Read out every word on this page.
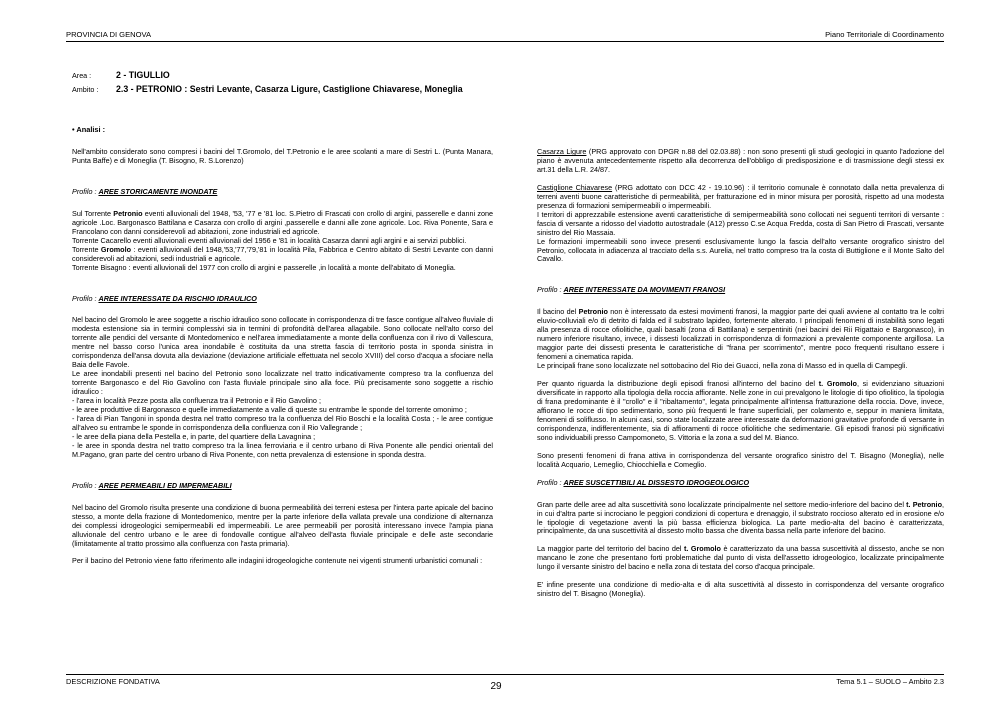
PROVINCIA DI GENOVA	Piano Territoriale di Coordinamento
Area :	2 - TIGULLIO
Ambito :	2.3 - PETRONIO : Sestri Levante, Casarza Ligure, Castiglione Chiavarese, Moneglia
• Analisi :

Nell'ambito considerato sono compresi i bacini del T.Gromolo, del T.Petronio e le aree scolanti a mare di Sestri L. (Punta Manara, Punta Baffe) e di Moneglia (T. Bisogno, R. S.Lorenzo)

Profilo : AREE STORICAMENTE INONDATE

Sul Torrente Petronio eventi alluvionali del 1948, '53, '77 e '81 loc. S.Pietro di Frascati con crollo di argini, passerelle e danni zone agricole .Loc. Bargonasco Battilana e Casarza con crollo di argini ,passerelle e danni alle zone agricole. Loc. Riva Ponente, Sara e Francolano con danni considerevoli ad abitazioni, zone industriali ed agricole.

Torrente Cacarello eventi alluvionali eventi alluvionali del 1956 e '81 in località Casarza danni agli argini e ai servizi pubblici.

Torrente Gromolo : eventi alluvionali del 1948,'53,'77,'79,'81 in località Pila, Fabbrica e Centro abitato di Sestri Levante con danni considerevoli ad abitazioni, sedi industriali e agricole.

Torrente Bisagno : eventi alluvionali del 1977 con crollo di argini e passerelle ,in località a monte dell'abitato di Moneglia.

Profilo : AREE INTERESSATE DA RISCHIO IDRAULICO

Nel bacino del Gromolo le aree soggette a rischio idraulico sono collocate in corrispondenza di tre fasce contigue all'alveo fluviale di modesta estensione sia in termini complessivi sia in termini di profondità dell'area allagabile. Sono collocate nell'alto corso del torrente alle pendici del versante di Montedomenico e nell'area immediatamente a monte della confluenza con il rivo di Vallescura, mentre nel basso corso l'unica area inondabile è costituita da una stretta fascia di territorio posta in sponda sinistra in corrispondenza dell'ansa dovuta alla deviazione (deviazione artificiale effettuata nel secolo XVIII) del corso d'acqua a sfociare nella Baia delle Favole.

Le aree inondabili presenti nel bacino del Petronio sono localizzate nel tratto indicativamente compreso tra la confluenza del torrente Bargonasco e del Rio Gavolino con l'asta fluviale principale sino alla foce. Più precisamente sono soggette a rischio idraulico :

- l'area in località Pezze posta alla confluenza tra il Petronio e il Rio Gavolino ;

- le aree produttive di Bargonasco e quelle immediatamente a valle di queste su entrambe le sponde del torrente omonimo ;

- l'area di Pian Tangoni in sponda destra nel tratto compreso tra la confluenza del Rio Boschi e la località Costa ; - le aree contigue all'alveo su entrambe le sponde in corrispondenza della confluenza con il Rio Vallegrande ;

- le aree della piana della Pestella e, in parte, del quartiere della Lavagnina ;

- le aree in sponda destra nel tratto compreso tra la linea ferroviaria e il centro urbano di Riva Ponente alle pendici orientali del M.Pagano, gran parte del centro urbano di Riva Ponente, con netta prevalenza di estensione in sponda destra.

Profilo : AREE PERMEABILI ED IMPERMEABILI

Nel bacino del Gromolo risulta presente una condizione di buona permeabilità dei terreni estesa per l'intera parte apicale del bacino stesso, a monte della frazione di Montedomenico, mentre per la parte inferiore della vallata prevale una condizione di alternanza dei complessi idrogeologici semipermeabili ed impermeabili. Le aree permeabili per porosità interessano invece l'ampia piana alluvionale del centro urbano e le aree di fondovalle contigue all'alveo dell'asta fluviale principale e delle aste secondarie (limitatamente al tratto prossimo alla confluenza con l'asta primaria).

Per il bacino del Petronio viene fatto riferimento alle indagini idrogeologiche contenute nei vigenti strumenti urbanistici comunali :

Casarza Ligure (PRG approvato con DPGR n.88 del 02.03.88) : non sono presenti gli studi geologici in quanto l'adozione del piano è avvenuta antecedentemente rispetto alla decorrenza dell'obbligo di predisposizione e di trasmissione degli stessi ex art.31 della L.R. 24/87.

Castiglione Chiavarese (PRG adottato con DCC 42 - 19.10.96) : il territorio comunale è connotato dalla netta prevalenza di terreni aventi buone caratteristiche di permeabilità, per fratturazione ed in minor misura per porosità, rispetto ad una modesta presenza di formazioni semipermeabili o impermeabili.

I territori di apprezzabile estensione aventi caratteristiche di semipermeabilità sono collocati nei seguenti territori di versante : fascia di versante a ridosso del viadotto autostradale (A12) presso C.se Acqua Fredda, costa di San Pietro di Frascati, versante sinistro del Rio Massaia.

Le formazioni impermeabili sono invece presenti esclusivamente lungo la fascia dell'alto versante orografico sinistro del Petronio, collocata in adiacenza al tracciato della s.s. Aurelia, nel tratto compreso tra la costa di Buttiglione e il Monte Salto del Cavallo.

Profilo : AREE INTERESSATE DA MOVIMENTI FRANOSI

Il bacino del Petronio non è interessato da estesi movimenti franosi, la maggior parte dei quali avviene al contatto tra le coltri eluvio-colluviali e/o di detrito di falda ed il substrato lapideo, fortemente alterato. I principali fenomeni di instabilità sono legati alla presenza di rocce ofiolitiche, quali basalti (zona di Battilana) e serpentiniti (nei bacini dei Rii Rigattaio e Bargonasco), in numero inferiore risultano, invece, i dissesti localizzati in corrispondenza di formazioni a prevalente componente argillosa. La maggior parte dei dissesti presenta le caratteristiche di "frana per scorrimento", mentre poco frequenti risultano essere i fenomeni a cinematica rapida.

Le principali frane sono localizzate nel sottobacino del Rio dei Guacci, nella zona di Masso ed in quella di Campegli.

Per quanto riguarda la distribuzione degli episodi franosi all'interno del bacino del t. Gromolo, si evidenziano situazioni diversificate in rapporto alla tipologia della roccia affiorante. Nelle zone in cui prevalgono le litologie di tipo ofiolitico, la tipologia di frana predominante è il "crollo" e il "ribaltamento", legata principalmente all'intensa fratturazione della roccia. Dove, invece, affiorano le rocce di tipo sedimentario, sono più frequenti le frane superficiali, per colamento e, seppur in maniera limitata, fenomeni di soliflusso. In alcuni casi, sono state localizzate aree interessate da deformazioni gravitative profonde di versante in corrispondenza, indifferentemente, sia di affioramenti di rocce ofiolitiche che sedimentarie. Gli episodi franosi più significativi sono individuabili presso Campomoneto, S. Vittoria e la zona a sud del M. Bianco.

Sono presenti fenomeni di frana attiva in corrispondenza del versante orografico sinistro del T. Bisagno (Moneglia), nelle località Acquario, Lemeglio, Chiocchiella e Comeglio.

Profilo : AREE SUSCETTIBILI AL DISSESTO IDROGEOLOGICO

Gran parte delle aree ad alta suscettività sono localizzate principalmente nel settore medio-inferiore del bacino del t. Petronio, in cui d'altra parte si incrociano le peggiori condizioni di copertura e drenaggio, il substrato roccioso alterato ed in erosione e/o le tipologie di vegetazione aventi la più bassa efficienza biologica. La parte medio-alta del bacino è caratterizzata, principalmente, da una suscettività al dissesto molto bassa che diventa bassa nella parte inferiore del bacino.

La maggior parte del territorio del bacino del t. Gromolo è caratterizzato da una bassa suscettività al dissesto, anche se non mancano le zone che presentano forti problematiche dal punto di vista dell'assetto idrogeologico, localizzate principalmente lungo il versante sinistro del bacino e nella zona di testata del corso d'acqua principale.

E' infine presente una condizione di medio-alta e di alta suscettività al dissesto in corrispondenza del versante orografico sinistro del T. Bisagno (Moneglia).

DESCRIZIONE FONDATIVA	29	Tema 5.1 – SUOLO – Ambito 2.3
